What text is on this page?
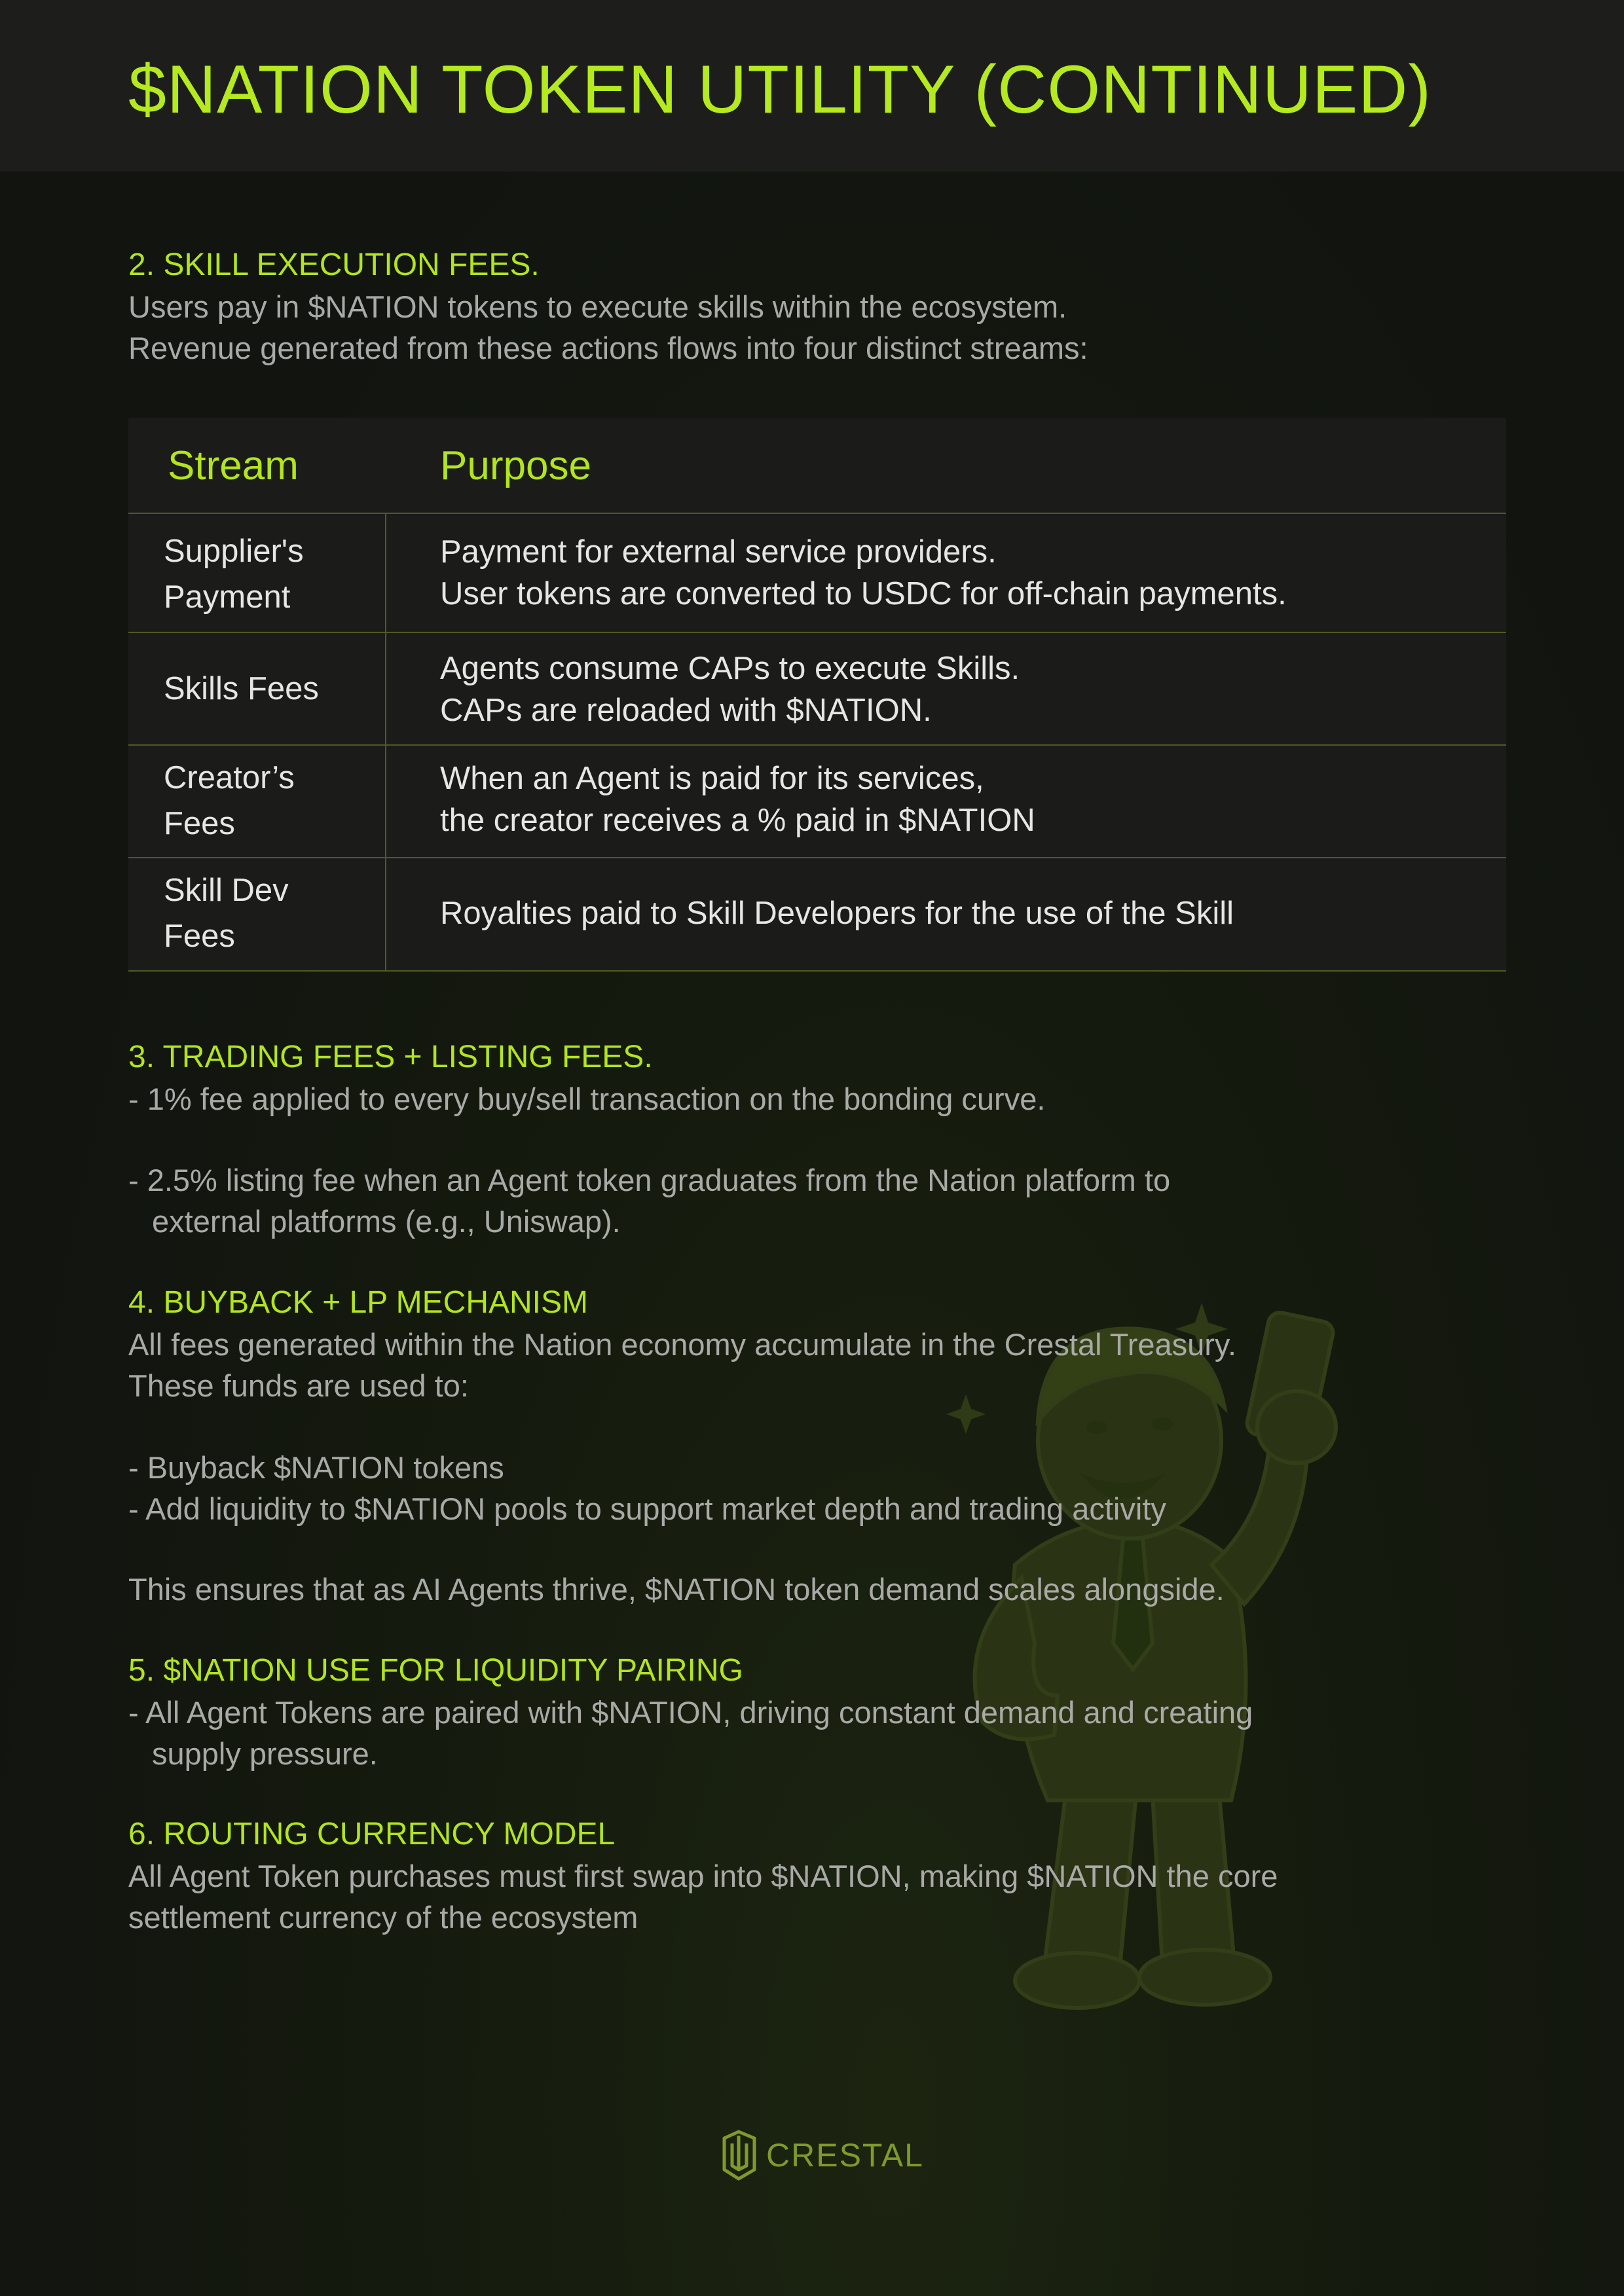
$NATION TOKEN UTILITY (CONTINUED)
2. SKILL EXECUTION FEES.

Users pay in $NATION tokens to execute skills within the ecosystem.
Revenue generated from these actions flows into four distinct streams:

Stream	Purpose
Supplier's
Payment
Payment for external service providers.
User tokens are converted to USDC for off-chain payments.
Skills Fees
Agents consume CAPs to execute Skills.
CAPs are reloaded with $NATION.
Creator’s
Fees
When an Agent is paid for its services,
the creator receives a % paid in $NATION
Skill Dev
Fees
Royalties paid to Skill Developers for the use of the Skill
3. TRADING FEES + LISTING FEES.

- 1% fee applied to every buy/sell transaction on the bonding curve.

- 2.5% listing fee when an Agent token graduates from the Nation platform to
external platforms (e.g., Uniswap).

4. BUYBACK + LP MECHANISM

All fees generated within the Nation economy accumulate in the Crestal Treasury.
These funds are used to:

- Buyback $NATION tokens
- Add liquidity to $NATION pools to support market depth and trading activity

This ensures that as AI Agents thrive, $NATION token demand scales alongside.

5. $NATION USE FOR LIQUIDITY PAIRING

- All Agent Tokens are paired with $NATION, driving constant demand and creating
supply pressure.

6. ROUTING CURRENCY MODEL

All Agent Token purchases must first swap into $NATION, making $NATION the core
settlement currency of the ecosystem

CRESTAL
